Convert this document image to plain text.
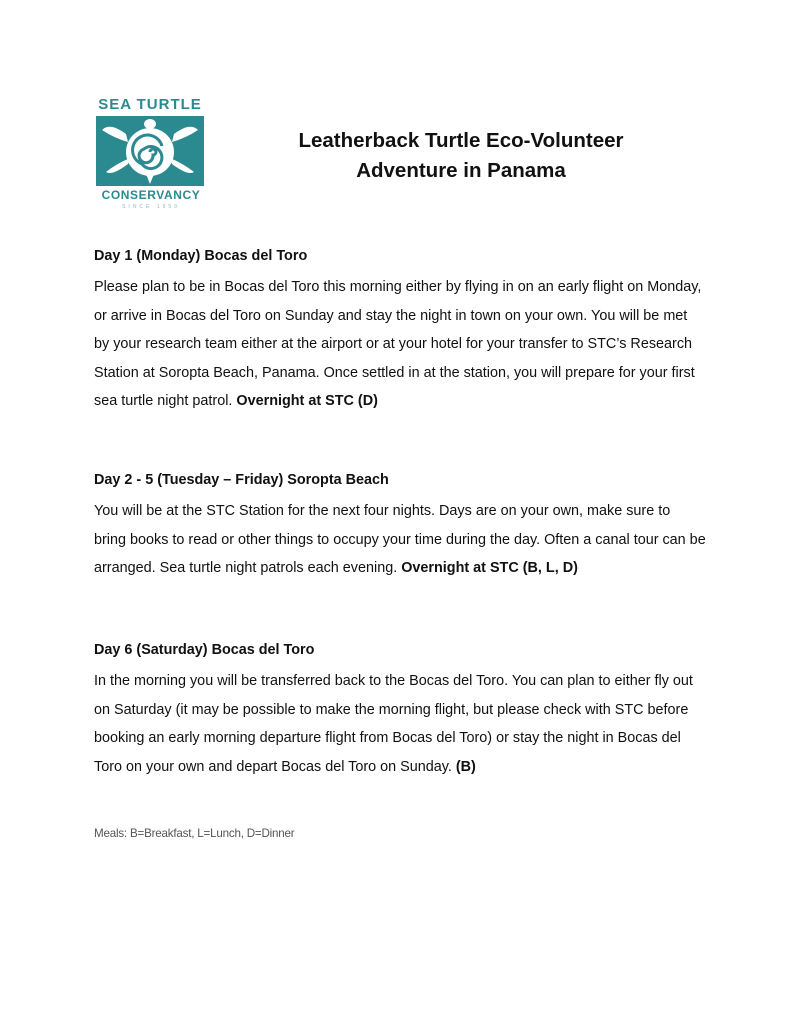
SEA TURTLE
CONSERVANCY
SINCE 1959
Leatherback Turtle Eco-Volunteer
Adventure in Panama
Day 1 (Monday) Bocas del Toro

Please plan to be in Bocas del Toro this morning either by flying in on an early flight on Monday, or arrive in Bocas del Toro on Sunday and stay the night in town on your own. You will be met by your research team either at the airport or at your hotel for your transfer to STC’s Research Station at Soropta Beach, Panama. Once settled in at the station, you will prepare for your first sea turtle night patrol. Overnight at STC (D)

Day 2 - 5 (Tuesday – Friday) Soropta Beach

You will be at the STC Station for the next four nights. Days are on your own, make sure to bring books to read or other things to occupy your time during the day. Often a canal tour can be arranged. Sea turtle night patrols each evening. Overnight at STC (B, L, D)

Day 6 (Saturday) Bocas del Toro

In the morning you will be transferred back to the Bocas del Toro. You can plan to either fly out on Saturday (it may be possible to make the morning flight, but please check with STC before booking an early morning departure flight from Bocas del Toro) or stay the night in Bocas del Toro on your own and depart Bocas del Toro on Sunday. (B)

Meals: B=Breakfast, L=Lunch, D=Dinner
